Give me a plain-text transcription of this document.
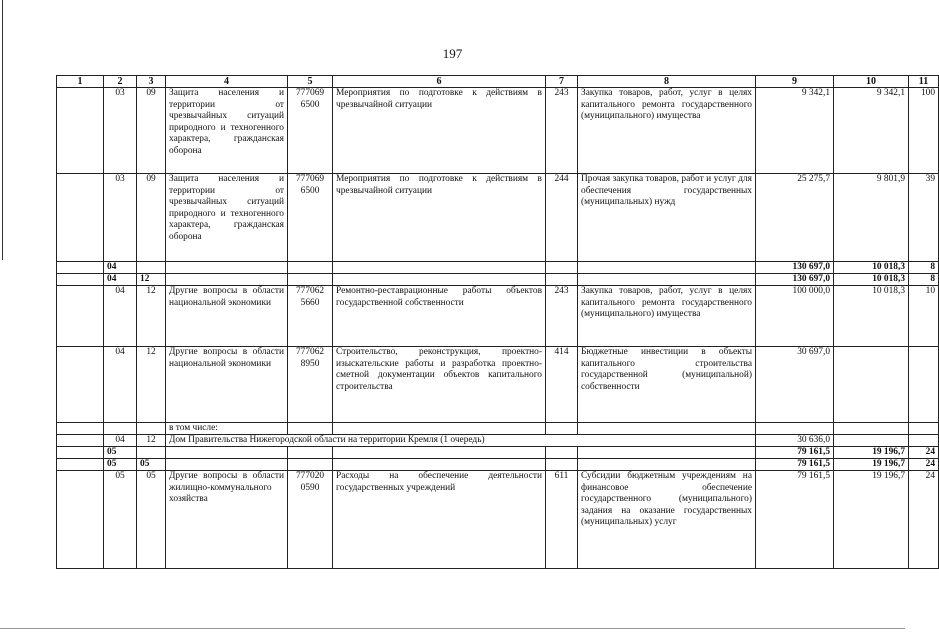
197
1	2	3	4	5	6	7	8	9	10	11
	03	09	Защита населения и территории от чрезвычайных ситуаций природного и техногенного характера, гражданская оборона	777069 6500	Мероприятия по подготовке к действиям в чрезвычайной ситуации	243	Закупка товаров, работ, услуг в целях капитального ремонта государственного (муниципального) имущества	9 342,1	9 342,1	100
	03	09	Защита населения и территории от чрезвычайных ситуаций природного и техногенного характера, гражданская оборона	777069 6500	Мероприятия по подготовке к действиям в чрезвычайной ситуации	244	Прочая закупка товаров, работ и услуг для обеспечения государственных (муниципальных) нужд	25 275,7	9 801,9	39
	04							130 697,0	10 018,3	8
	04	12						130 697,0	10 018,3	8
	04	12	Другие вопросы в области национальной экономики	777062 5660	Ремонтно-реставрационные работы объектов государственной собственности	243	Закупка товаров, работ, услуг в целях капитального ремонта государственного (муниципального) имущества	100 000,0	10 018,3	10
	04	12	Другие вопросы в области национальной экономики	777062 8950	Строительство, реконструкция, проектно-изыскательские работы и разработка проектно-сметной документации объектов капитального строительства	414	Бюджетные инвестиции в объекты капитального строительства государственной (муниципальной) собственности	30 697,0		
			в том числе:							
	04	12	Дом Правительства Нижегородской области на территории Кремля (1 очередь)					30 636,0		
	05							79 161,5	19 196,7	24
	05	05						79 161,5	19 196,7	24
	05	05	Другие вопросы в области жилищно-коммунального хозяйства	777020 0590	Расходы на обеспечение деятельности государственных учреждений	611	Субсидии бюджетным учреждениям на финансовое обеспечение государственного (муниципального) задания на оказание государственных (муниципальных) услуг	79 161,5	19 196,7	24
